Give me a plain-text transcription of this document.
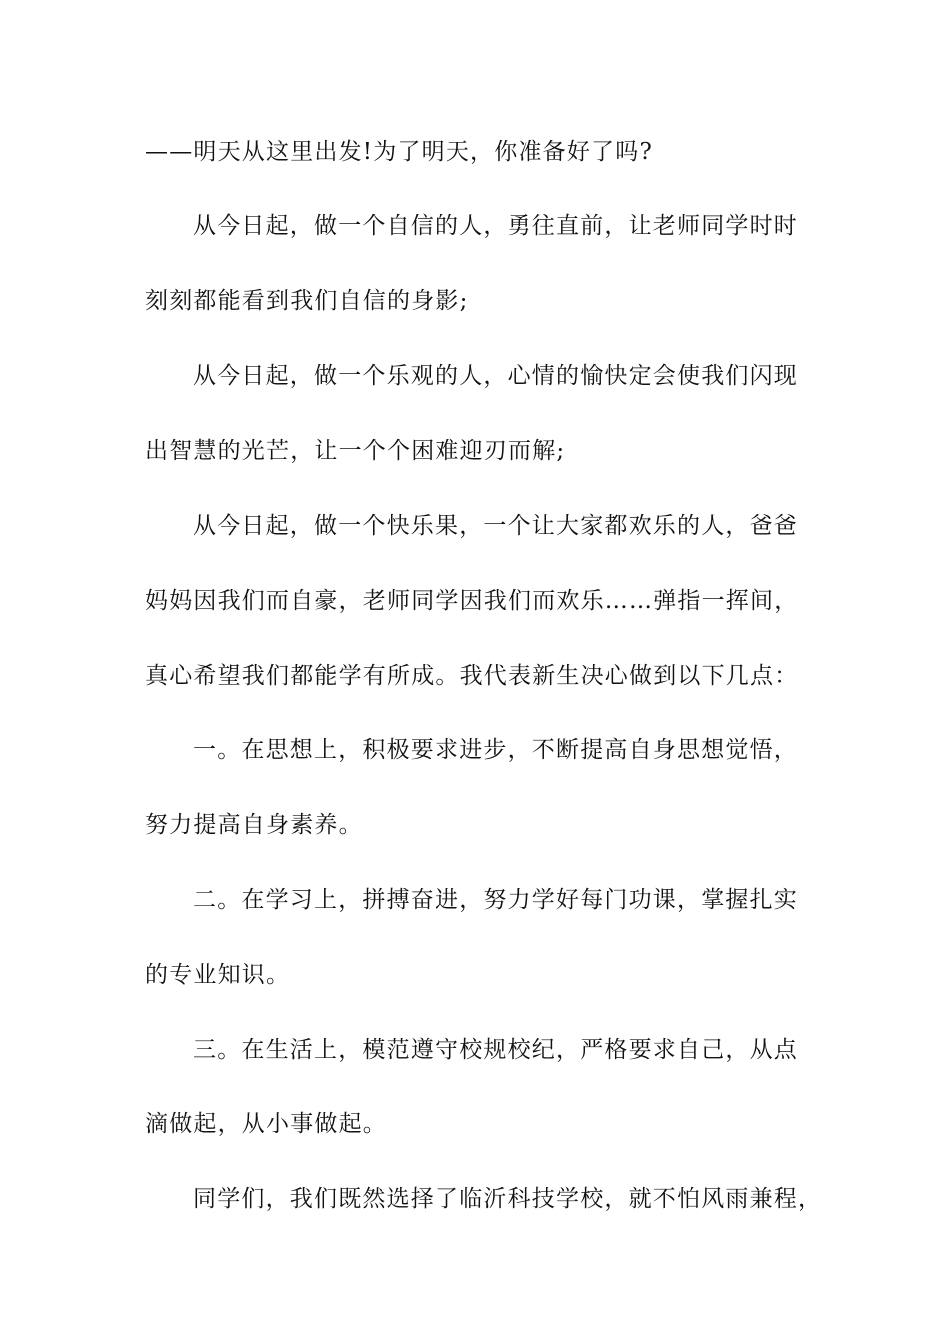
——明天从这里出发!为了明天，你准备好了吗?
从今日起，做一个自信的人，勇往直前，让老师同学时时
刻刻都能看到我们自信的身影;
从今日起，做一个乐观的人，心情的愉快定会使我们闪现
出智慧的光芒，让一个个困难迎刃而解;
从今日起，做一个快乐果，一个让大家都欢乐的人，爸爸
妈妈因我们而自豪，老师同学因我们而欢乐……弹指一挥间，
真心希望我们都能学有所成。我代表新生决心做到以下几点：
一。在思想上，积极要求进步，不断提高自身思想觉悟，
努力提高自身素养。
二。在学习上，拼搏奋进，努力学好每门功课，掌握扎实
的专业知识。
三。在生活上，模范遵守校规校纪，严格要求自己，从点
滴做起，从小事做起。
同学们，我们既然选择了临沂科技学校，就不怕风雨兼程，
